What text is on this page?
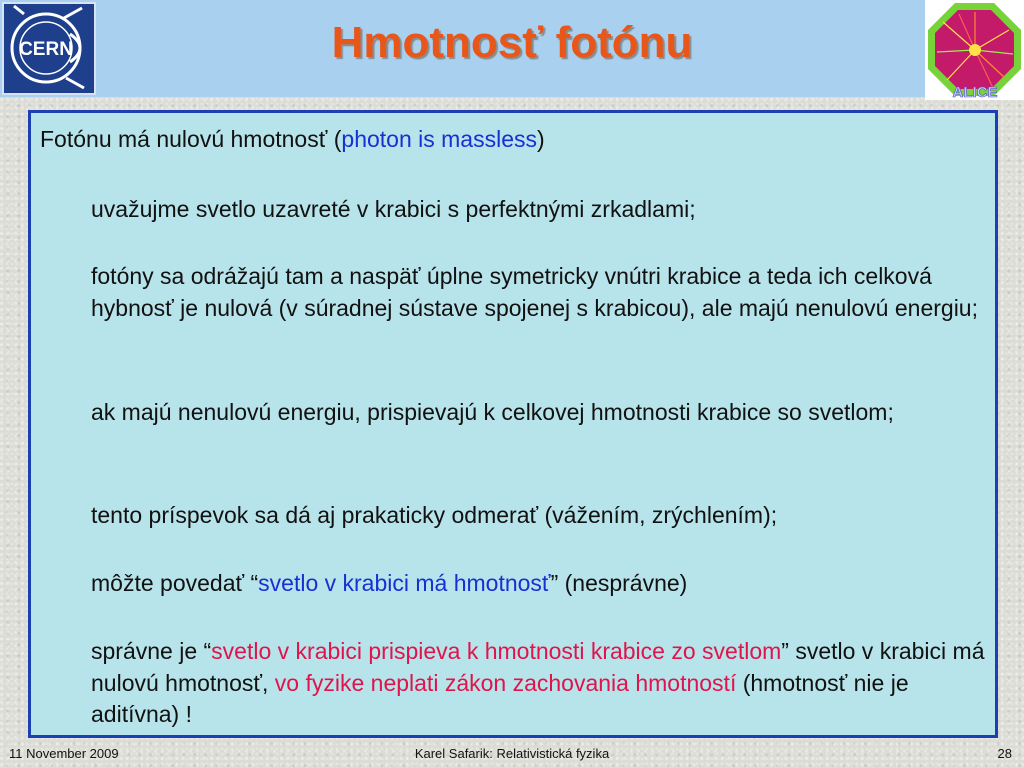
CERN
ALICE
Hmotnosť fotónu

Fotónu má nulovú hmotnosť (photon is massless)

uvažujme svetlo uzavreté v krabici s perfektnými zrkadlami;

fotóny sa odrážajú tam a naspäť úplne symetricky vnútri krabice a teda ich celková hybnosť je nulová (v súradnej sústave spojenej s krabicou), ale majú nenulovú energiu;

ak majú nenulovú energiu, prispievajú k celkovej hmotnosti krabice so svetlom;

tento príspevok sa dá aj prakaticky odmerať (vážením, zrýchlením);

môžte povedať “svetlo v krabici má hmotnosť” (nesprávne)

správne je “svetlo v krabici prispieva k hmotnosti krabice zo svetlom” svetlo v krabici má nulovú hmotnosť, vo fyzike neplati zákon zachovania hmotností (hmotnosť nie je aditívna) !

11 November 2009	Karel Safarik: Relativistická fyzika	28
